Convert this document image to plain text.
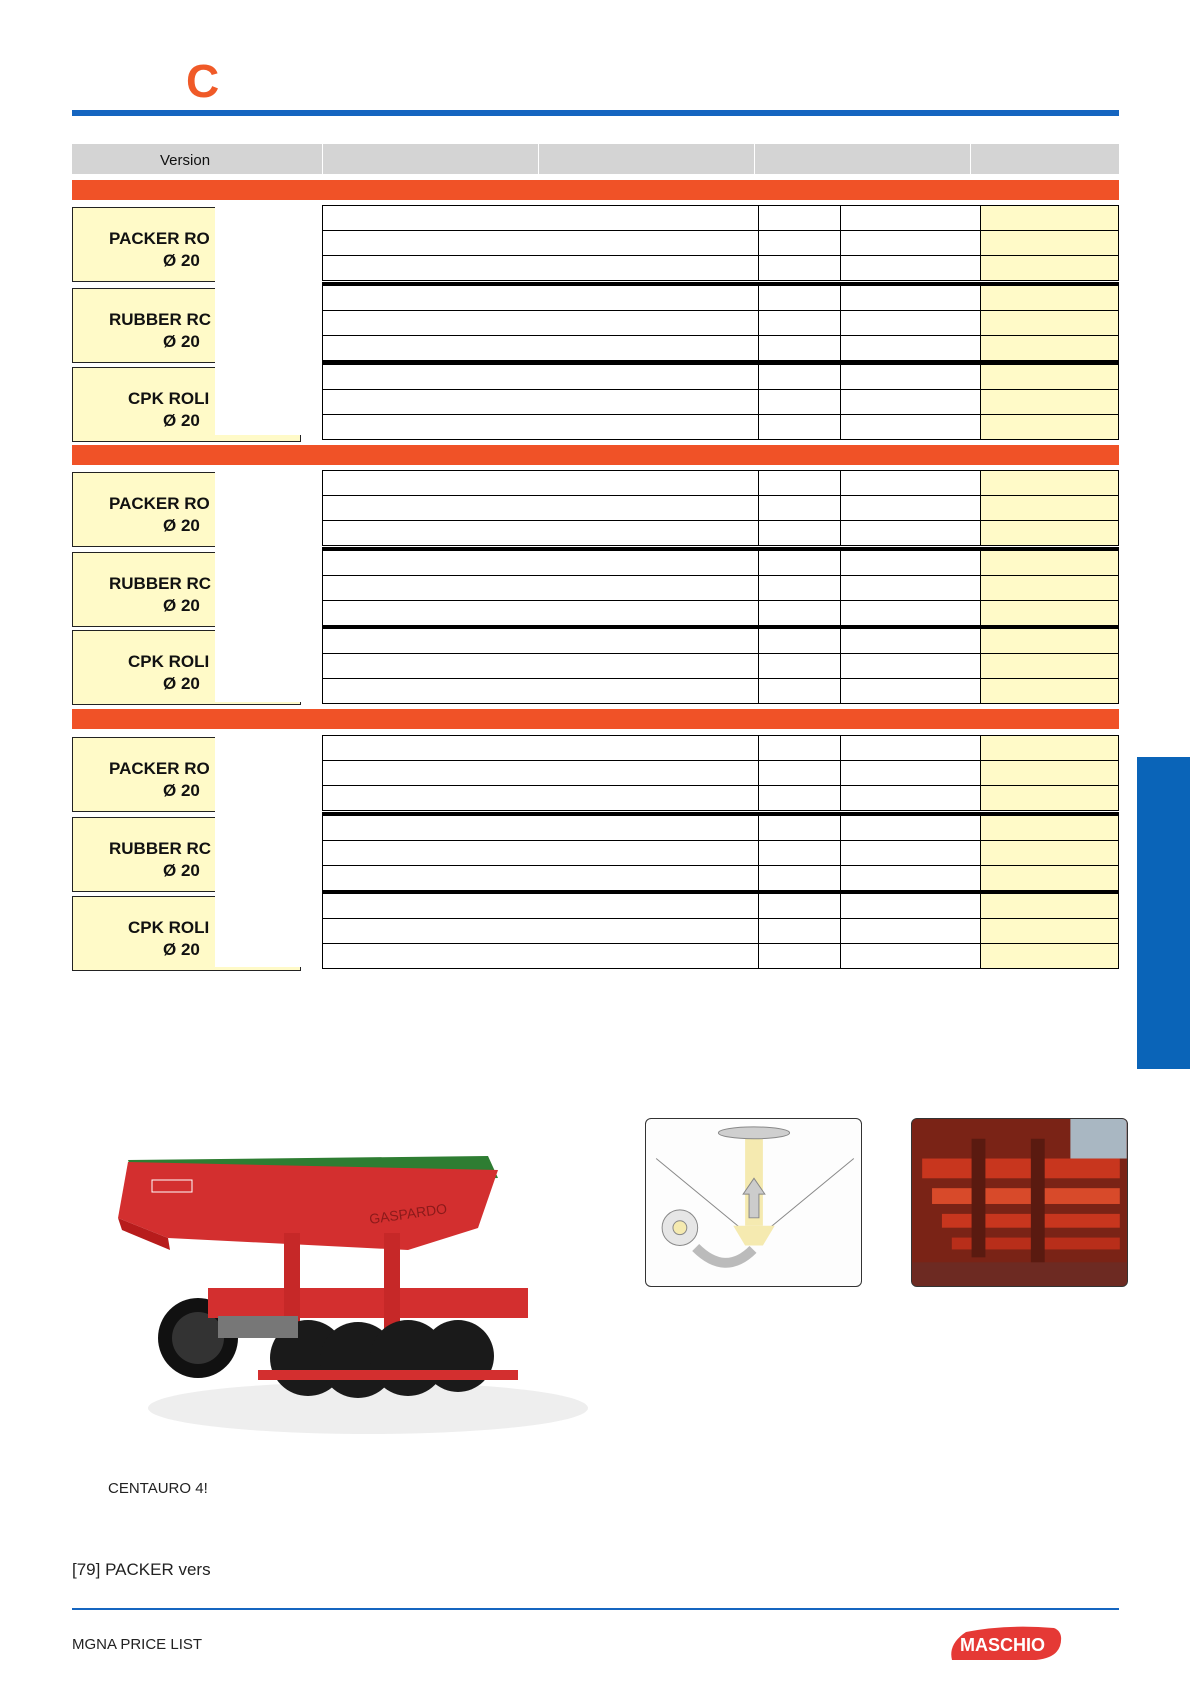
C
Version
PACKER RO
Ø 20
RUBBER RC
Ø 20
CPK ROLI
Ø 20
PACKER RO
Ø 20
RUBBER RC
Ø 20
CPK ROLI
Ø 20
PACKER RO
Ø 20
RUBBER RC
Ø 20
CPK ROLI
Ø 20
GASPARDO
CENTAURO 4!
[79] PACKER vers
MGNA PRICE LIST	MASCHIO
